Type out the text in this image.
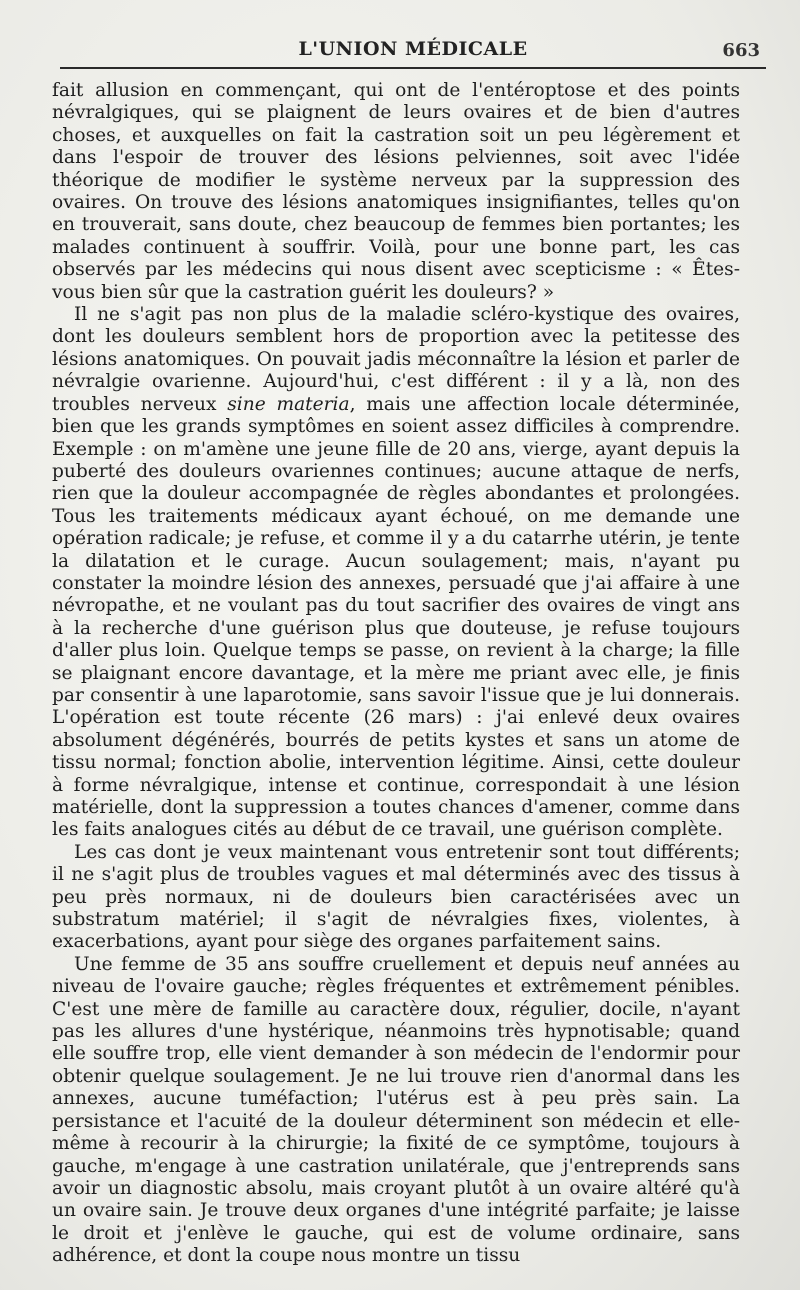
L'UNION MÉDICALE	663

fait allusion en commençant, qui ont de l'entéroptose et des points névralgiques, qui se plaignent de leurs ovaires et de bien d'autres choses, et auxquelles on fait la castration soit un peu légèrement et dans l'espoir de trouver des lésions pelviennes, soit avec l'idée théorique de modifier le système nerveux par la suppression des ovaires. On trouve des lésions anatomiques insignifiantes, telles qu'on en trouverait, sans doute, chez beaucoup de femmes bien portantes; les malades continuent à souffrir. Voilà, pour une bonne part, les cas observés par les médecins qui nous disent avec scepticisme : « Êtes-vous bien sûr que la castration guérit les douleurs? »

Il ne s'agit pas non plus de la maladie scléro-kystique des ovaires, dont les douleurs semblent hors de proportion avec la petitesse des lésions anatomiques. On pouvait jadis méconnaître la lésion et parler de névralgie ovarienne. Aujourd'hui, c'est différent : il y a là, non des troubles nerveux sine materia, mais une affection locale déterminée, bien que les grands symptômes en soient assez difficiles à comprendre. Exemple : on m'amène une jeune fille de 20 ans, vierge, ayant depuis la puberté des douleurs ovariennes continues; aucune attaque de nerfs, rien que la douleur accompagnée de règles abondantes et prolongées. Tous les traitements médicaux ayant échoué, on me demande une opération radicale; je refuse, et comme il y a du catarrhe utérin, je tente la dilatation et le curage. Aucun soulagement; mais, n'ayant pu constater la moindre lésion des annexes, persuadé que j'ai affaire à une névropathe, et ne voulant pas du tout sacrifier des ovaires de vingt ans à la recherche d'une guérison plus que douteuse, je refuse toujours d'aller plus loin. Quelque temps se passe, on revient à la charge; la fille se plaignant encore davantage, et la mère me priant avec elle, je finis par consentir à une laparotomie, sans savoir l'issue que je lui donnerais. L'opération est toute récente (26 mars) : j'ai enlevé deux ovaires absolument dégénérés, bourrés de petits kystes et sans un atome de tissu normal; fonction abolie, intervention légitime. Ainsi, cette douleur à forme névralgique, intense et continue, correspondait à une lésion matérielle, dont la suppression a toutes chances d'amener, comme dans les faits analogues cités au début de ce travail, une guérison complète.

Les cas dont je veux maintenant vous entretenir sont tout différents; il ne s'agit plus de troubles vagues et mal déterminés avec des tissus à peu près normaux, ni de douleurs bien caractérisées avec un substratum matériel; il s'agit de névralgies fixes, violentes, à exacerbations, ayant pour siège des organes parfaitement sains.

Une femme de 35 ans souffre cruellement et depuis neuf années au niveau de l'ovaire gauche; règles fréquentes et extrêmement pénibles. C'est une mère de famille au caractère doux, régulier, docile, n'ayant pas les allures d'une hystérique, néanmoins très hypnotisable; quand elle souffre trop, elle vient demander à son médecin de l'endormir pour obtenir quelque soulagement. Je ne lui trouve rien d'anormal dans les annexes, aucune tuméfaction; l'utérus est à peu près sain. La persistance et l'acuité de la douleur déterminent son médecin et elle-même à recourir à la chirurgie; la fixité de ce symptôme, toujours à gauche, m'engage à une castration unilatérale, que j'entreprends sans avoir un diagnostic absolu, mais croyant plutôt à un ovaire altéré qu'à un ovaire sain. Je trouve deux organes d'une intégrité parfaite; je laisse le droit et j'enlève le gauche, qui est de volume ordinaire, sans adhérence, et dont la coupe nous montre un tissu
